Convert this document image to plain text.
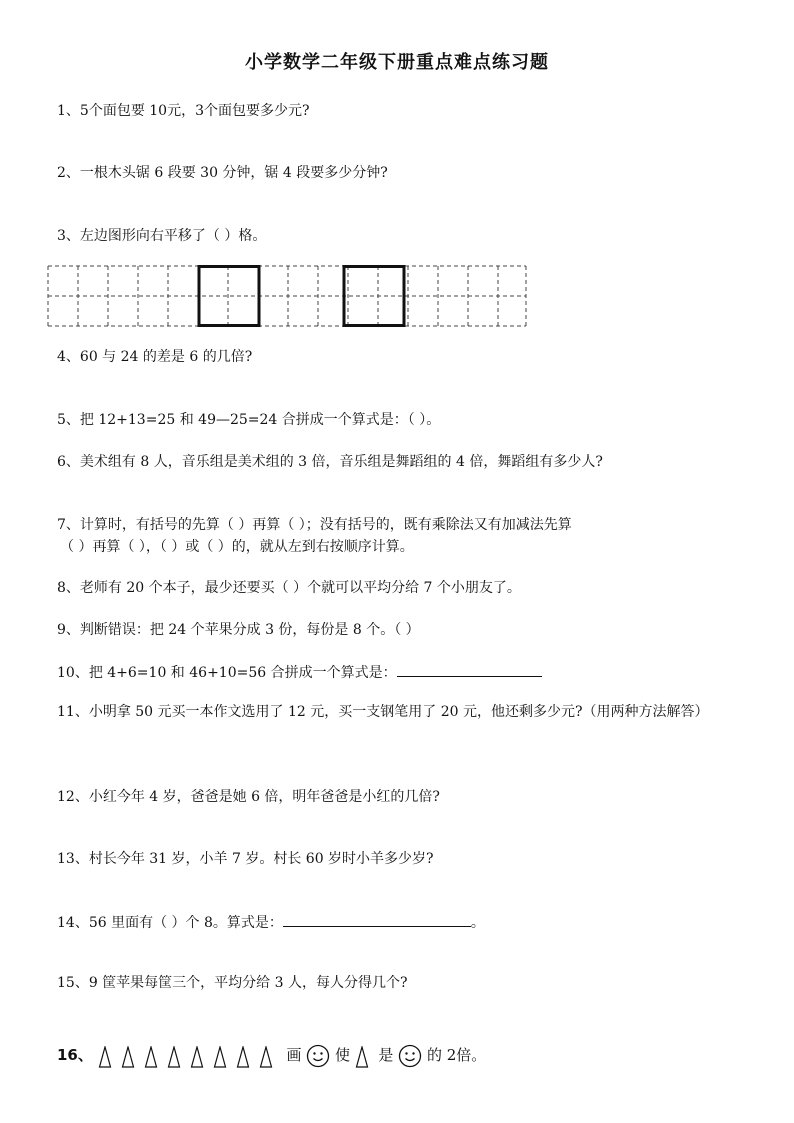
小学数学二年级下册重点难点练习题
1、5个面包要 10元，3个面包要多少元?
2、一根木头锯 6 段要 30 分钟，锯 4 段要多少分钟?
3、左边图形向右平移了（ ）格。
4、60 与 24 的差是 6 的几倍?
5、把 12+13=25 和 49—25=24 合拼成一个算式是：（ ）。
6、美术组有 8 人，音乐组是美术组的 3 倍，音乐组是舞蹈组的 4 倍，舞蹈组有多少人?
7、计算时，有括号的先算（ ）再算（ ）；没有括号的，既有乘除法又有加减法先算
（ ）再算（ ），（ ）或（ ）的，就从左到右按顺序计算。
8、老师有 20 个本子，最少还要买（ ）个就可以平均分给 7 个小朋友了。
9、判断错误：把 24 个苹果分成 3 份，每份是 8 个。（ ）
10、把 4+6=10 和 46+10=56 合拼成一个算式是：
11、小明拿 50 元买一本作文选用了 12 元，买一支钢笔用了 20 元，他还剩多少元?（用两种方法解答）
12、小红今年 4 岁，爸爸是她 6 倍，明年爸爸是小红的几倍?
13、村长今年 31 岁，小羊 7 岁。村长 60 岁时小羊多少岁?
14、56 里面有（ ）个 8。算式是：	。
15、9 筐苹果每筐三个，平均分给 3 人，每人分得几个?
16、	画 使 是 的 2倍。
